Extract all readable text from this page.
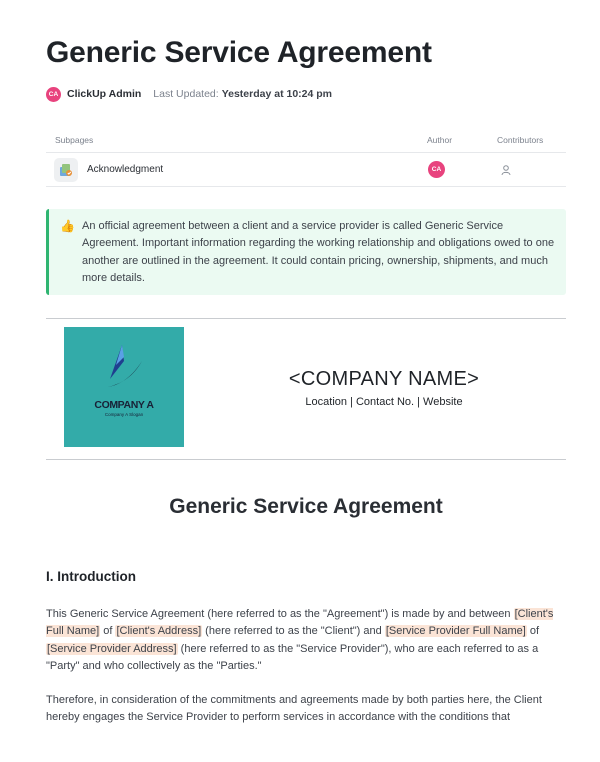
Generic Service Agreement
CA ClickUp Admin Last Updated: Yesterday at 10:24 pm
Subpages	Author	Contributors
Acknowledgment	CA
👍 An official agreement between a client and a service provider is called Generic Service Agreement. Important information regarding the working relationship and obligations owed to one another are outlined in the agreement. It could contain pricing, ownership, shipments, and much more details.

COMPANY A
Company A Slogan
<COMPANY NAME>
Location | Contact No. | Website
Generic Service Agreement
I. Introduction

This Generic Service Agreement (here referred to as the "Agreement") is made by and between [Client's Full Name] of [Client's Address] (here referred to as the "Client") and [Service Provider Full Name] of [Service Provider Address] (here referred to as the "Service Provider"), who are each referred to as a "Party" and who collectively as the "Parties."

Therefore, in consideration of the commitments and agreements made by both parties here, the Client hereby engages the Service Provider to perform services in accordance with the conditions that
